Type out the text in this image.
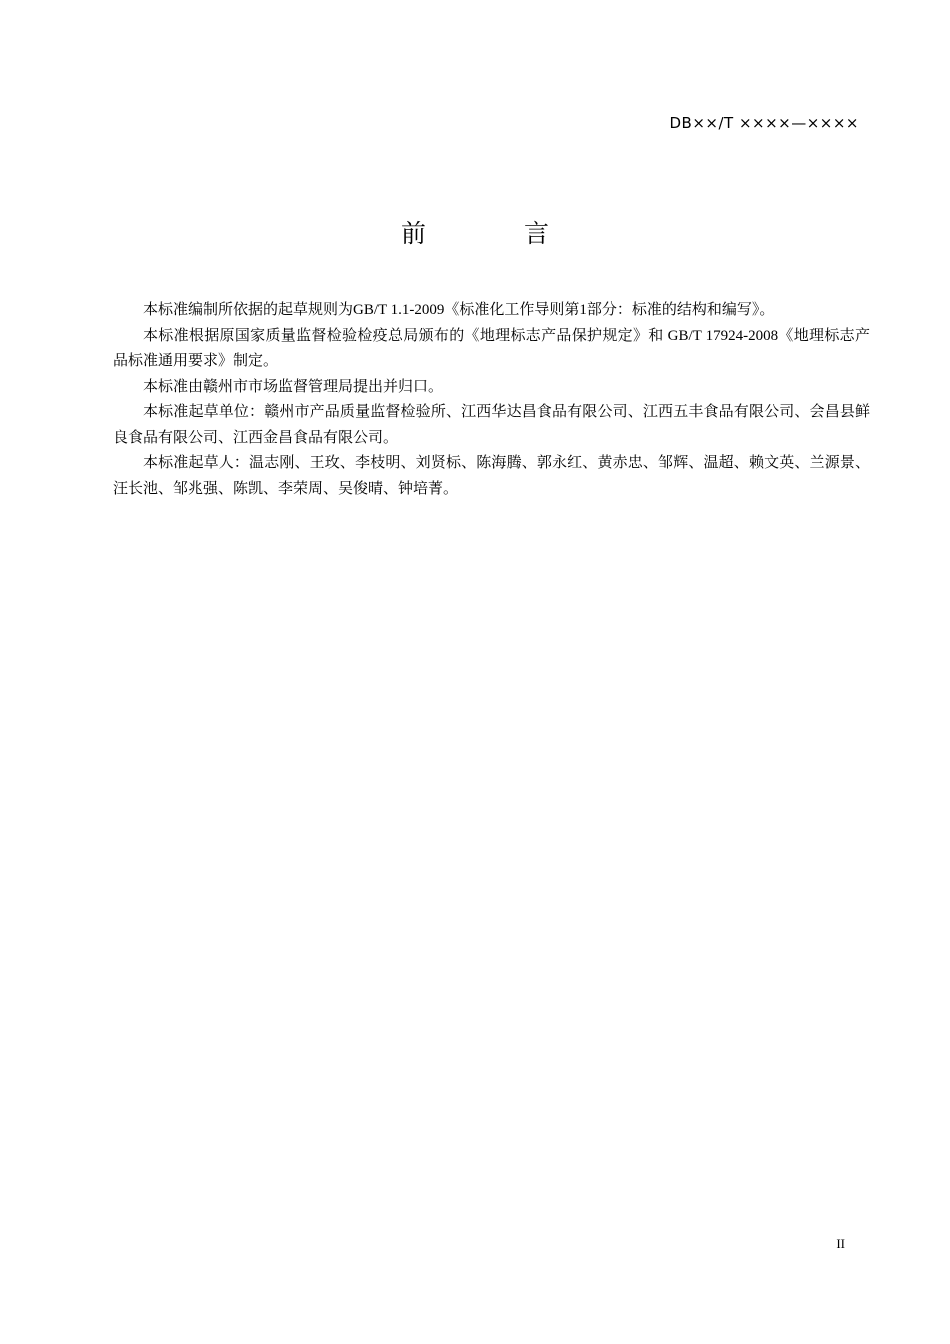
DB××/T ××××—××××
前 言

本标准编制所依据的起草规则为GB/T 1.1-2009《标准化工作导则第1部分：标准的结构和编写》。

本标准根据原国家质量监督检验检疫总局颁布的《地理标志产品保护规定》和 GB/T 17924-2008《地理标志产品标准通用要求》制定。

本标准由赣州市市场监督管理局提出并归口。

本标准起草单位：赣州市产品质量监督检验所、江西华达昌食品有限公司、江西五丰食品有限公司、会昌县鲜良食品有限公司、江西金昌食品有限公司。

本标准起草人：温志刚、王玫、李枝明、刘贤标、陈海腾、郭永红、黄赤忠、邹辉、温超、赖文英、兰源景、汪长池、邹兆强、陈凯、李荣周、吴俊晴、钟培菁。

II
